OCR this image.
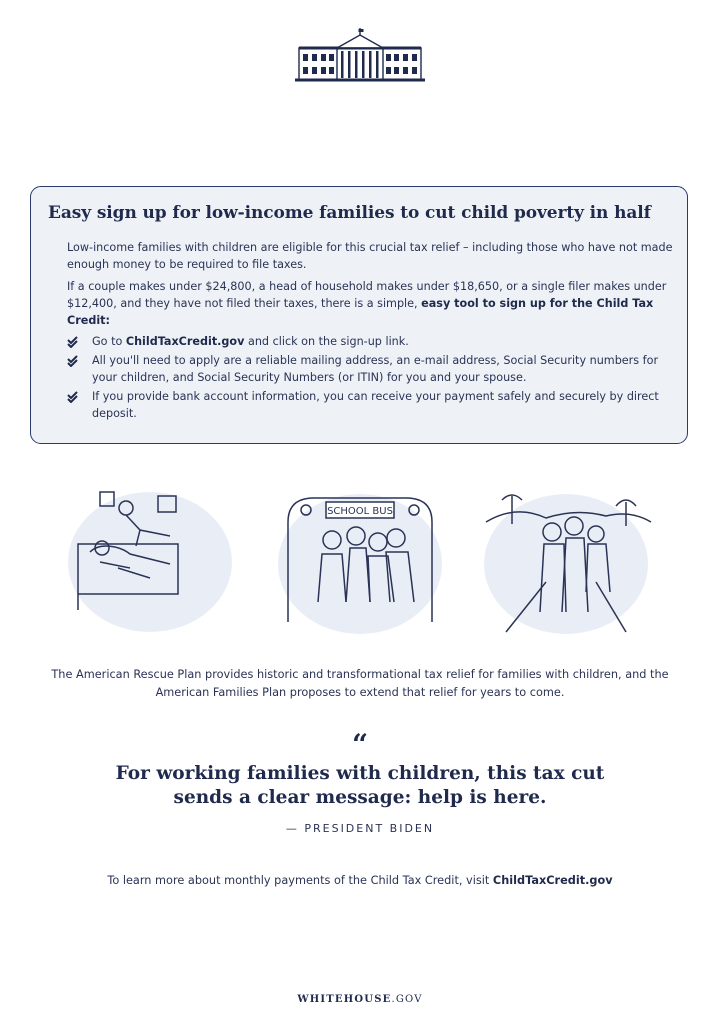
Easy sign up for low-income families to cut child poverty in half
Low-income families with children are eligible for this crucial tax relief – including those who have not made enough money to be required to file taxes.
If a couple makes under $24,800, a head of household makes under $18,650, or a single filer makes under $12,400, and they have not filed their taxes, there is a simple, easy tool to sign up for the Child Tax Credit:
Go to ChildTaxCredit.gov and click on the sign-up link.
All you'll need to apply are a reliable mailing address, an e-mail address, Social Security numbers for your children, and Social Security Numbers (or ITIN) for you and your spouse.
If you provide bank account information, you can receive your payment safely and securely by direct deposit.
SCHOOL BUS
The American Rescue Plan provides historic and transformational tax relief for families with children, and the American Families Plan proposes to extend that relief for years to come.
“
For working families with children, this tax cut sends a clear message: help is here.
— PRESIDENT BIDEN
To learn more about monthly payments of the Child Tax Credit, visit ChildTaxCredit.gov
WHITEHOUSE.GOV
